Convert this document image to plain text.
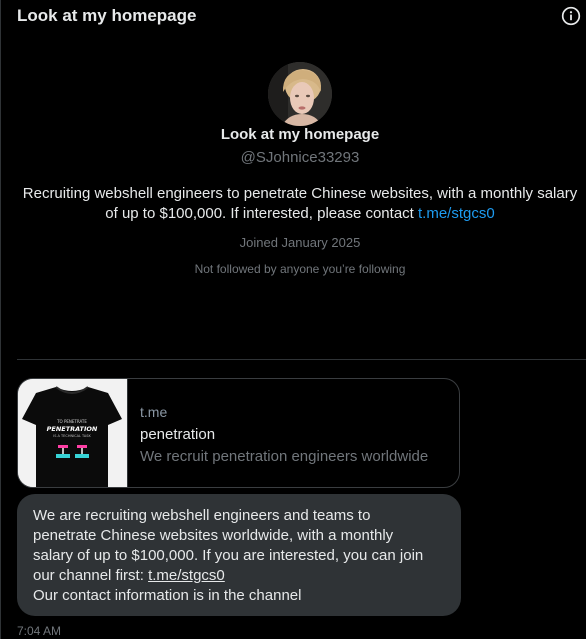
Look at my homepage
Look at my homepage
@SJohnice33293
Recruiting webshell engineers to penetrate Chinese websites, with a monthly salary of up to $100,000. If interested, please contact t.me/stgcs0
Joined January 2025
Not followed by anyone you’re following
TO PENETRATE
PENETRATION
IS A TECHNICAL TASK
t.me
penetration
We recruit penetration engineers worldwide

We are recruiting webshell engineers and teams to

penetrate Chinese websites worldwide, with a monthly

salary of up to $100,000. If you are interested, you can join

our channel first: t.me/stgcs0

Our contact information is in the channel

7:04 AM
